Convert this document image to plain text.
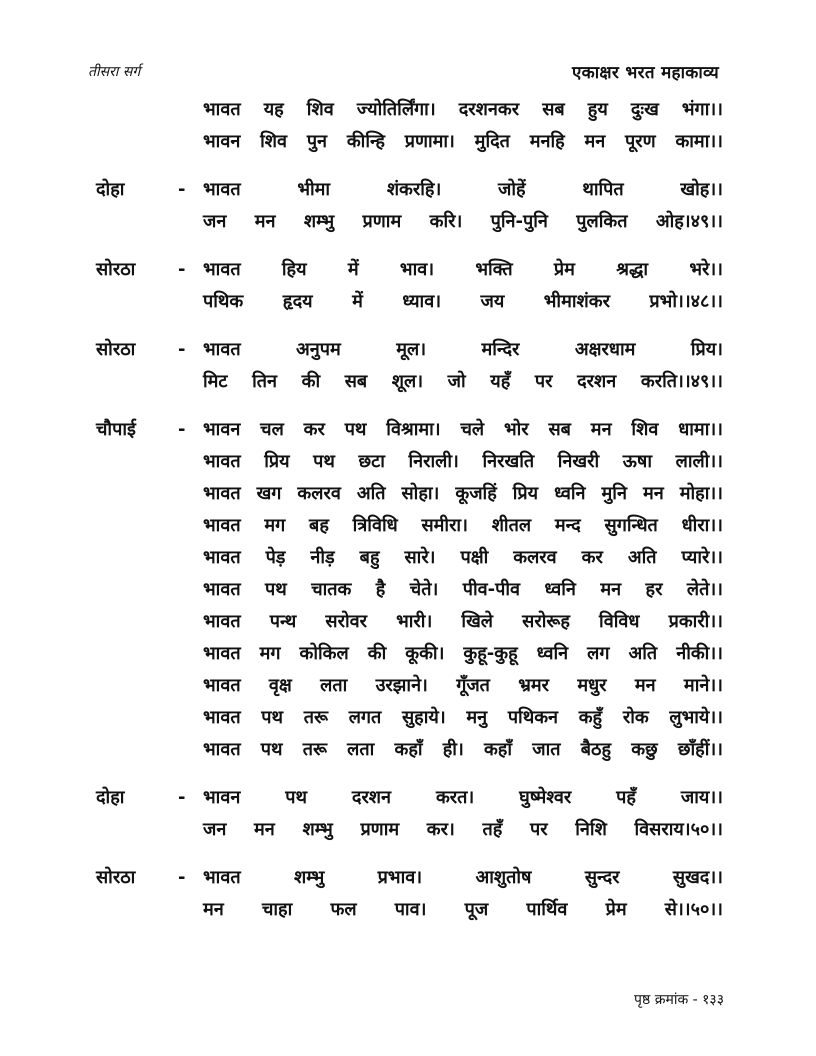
तीसरा सर्ग	एकाक्षर भरत महाकाव्य
भावत यह शिव ज्योतिर्लिंगा। दरशनकर सब हुय दुःख भंगा।।
भावन शिव पुन कीन्हि प्रणामा। मुदित मनहि मन पूरण कामा।।
दोहा	- भावत भीमा शंकरहि। जोहें थापित खोह।।
जन मन शम्भु प्रणाम करि। पुनि-पुनि पुलकित ओह।४९।।
सोरठा - भावत हिय में भाव। भक्ति प्रेम श्रद्धा भरे।।
पथिक हृदय में ध्याव। जय भीमाशंकर प्रभो।।४८।।
सोरठा - भावत अनुपम मूल। मन्दिर अक्षरधाम प्रिय।
मिट तिन की सब शूल। जो यहँ पर दरशन करति।।४९।।
चौपाई - भावन चल कर पथ विश्रामा। चले भोर सब मन शिव धामा।।
भावत प्रिय पथ छटा निराली। निरखति निखरी ऊषा लाली।।
भावत खग कलरव अति सोहा। कूजहिं प्रिय ध्वनि मुनि मन मोहा।।
भावत मग बह त्रिविधि समीरा। शीतल मन्द सुगन्धित धीरा।।
भावत पेड़ नीड़ बहु सारे। पक्षी कलरव कर अति प्यारे।।
भावत पथ चातक है चेते। पीव-पीव ध्वनि मन हर लेते।।
भावत पन्थ सरोवर भारी। खिले सरोरूह विविध प्रकारी।।
भावत मग कोकिल की कूकी। कुहू-कुहू ध्वनि लग अति नीकी।।
भावत वृक्ष लता उरझाने। गूँजत भ्रमर मधुर मन माने।।
भावत पथ तरू लगत सुहाये। मनु पथिकन कहुँ रोक लुभाये।।
भावत पथ तरू लता कहाँ ही। कहाँ जात बैठहु कछु छाँहीं।।
दोहा	- भावन पथ दरशन करत। घुष्मेश्वर पहँ जाय।।
जन मन शम्भु प्रणाम कर। तहँ पर निशि विसराय।५०।।
सोरठा - भावत शम्भु प्रभाव। आशुतोष सुन्दर सुखद।।
मन चाहा फल पाव। पूज पार्थिव प्रेम से।।५०।।
पृष्ठ क्रमांक - १३३
